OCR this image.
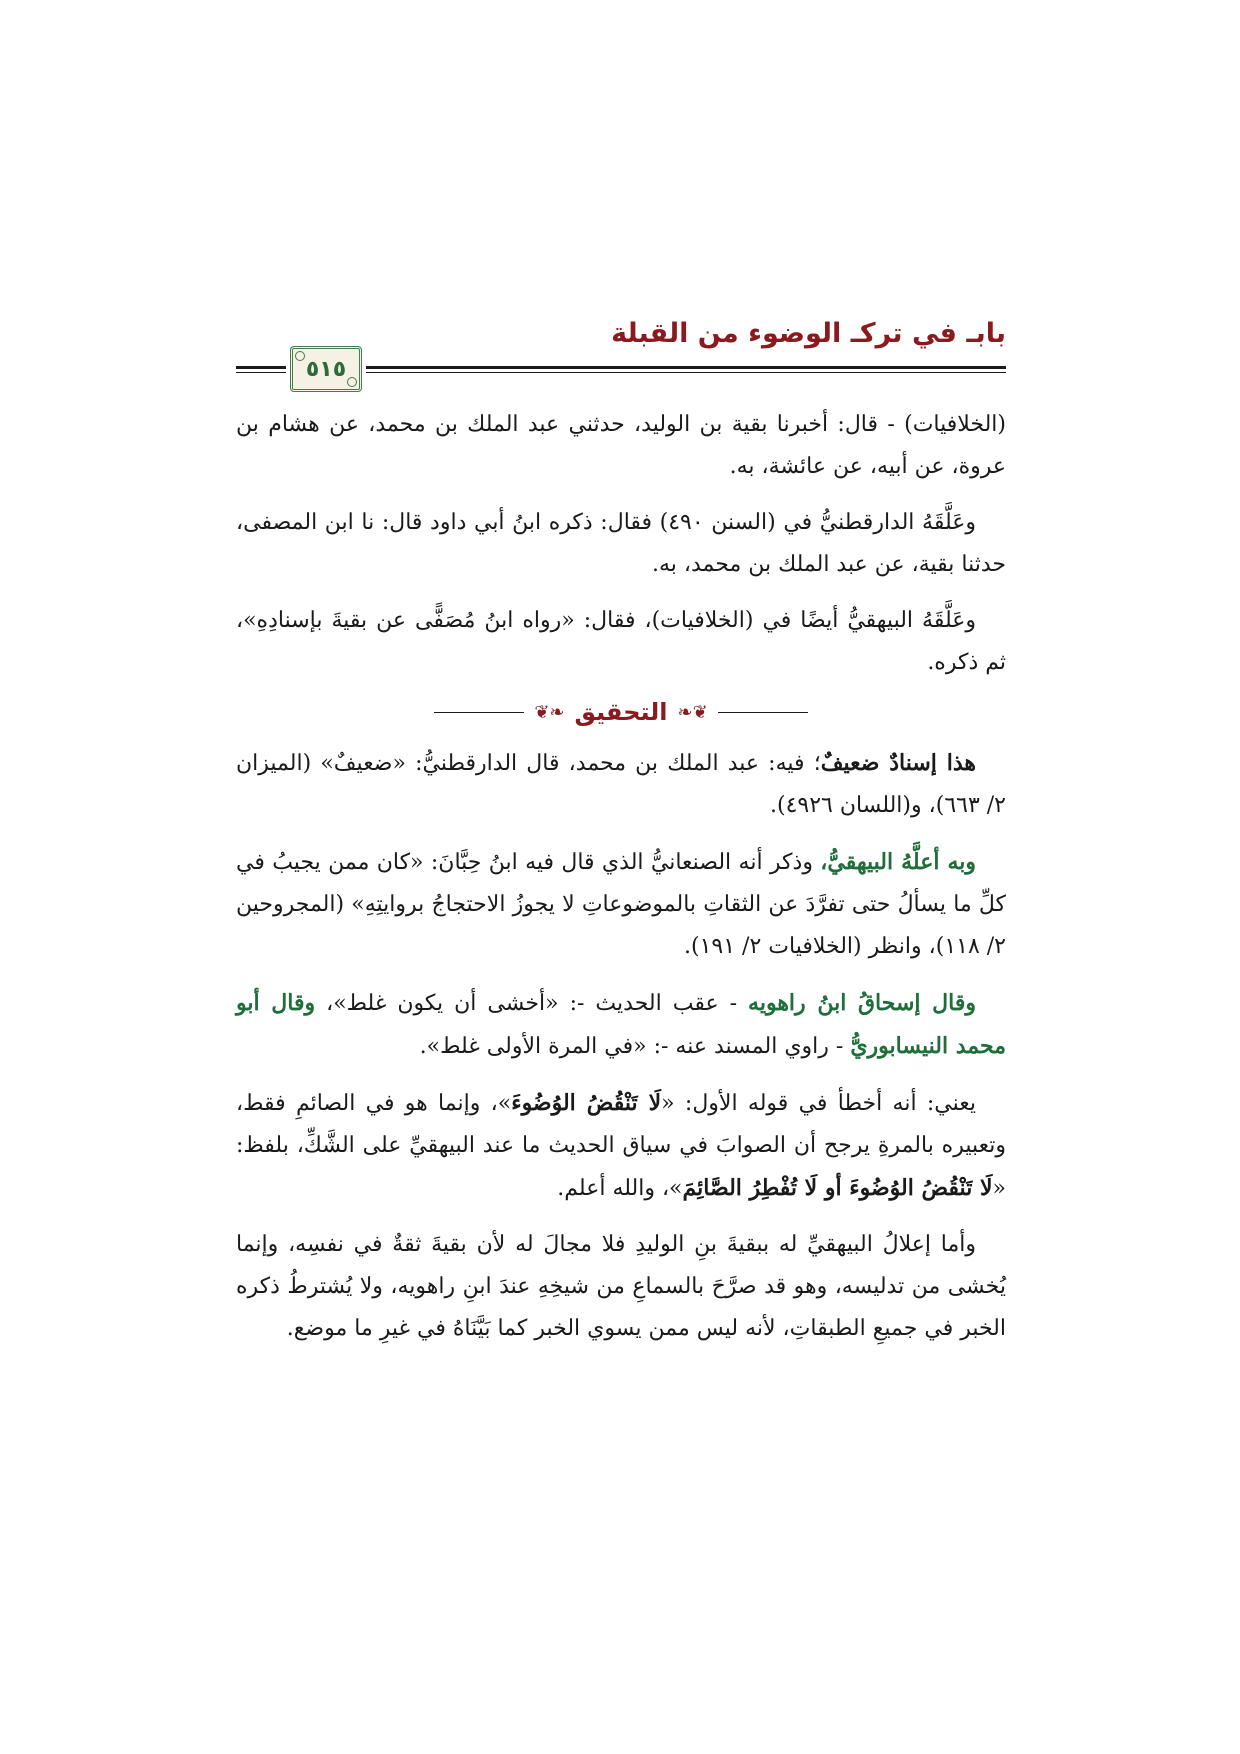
بابـ في تركـ الوضوء من القبلة
٥١٥

(الخلافيات) - قال: أخبرنا بقية بن الوليد، حدثني عبد الملك بن محمد، عن هشام بن عروة، عن أبيه، عن عائشة، به.

وعَلَّقَهُ الدارقطنيُّ في (السنن ٤٩٠) فقال: ذكره ابنُ أبي داود قال: نا ابن المصفى، حدثنا بقية، عن عبد الملك بن محمد، به.

وعَلَّقَهُ البيهقيُّ أيضًا في (الخلافيات)، فقال: «رواه ابنُ مُصَفًّى عن بقيةَ بإسنادِهِ»، ثم ذكره.

❦❧
التحقيق
❧❦

هذا إسنادٌ ضعيفٌ؛ فيه: عبد الملك بن محمد، قال الدارقطنيُّ: «ضعيفٌ» (الميزان ٢/ ٦٦٣)، و(اللسان ٤٩٢٦).

وبه أعلَّهُ البيهقيُّ، وذكر أنه الصنعانيُّ الذي قال فيه ابنُ حِبَّانَ: «كان ممن يجيبُ في كلِّ ما يسألُ حتى تفرَّدَ عن الثقاتِ بالموضوعاتِ لا يجوزُ الاحتجاجُ بروايتِهِ» (المجروحين ٢/ ١١٨)، وانظر (الخلافيات ٢/ ١٩١).

وقال إسحاقُ ابنُ راهويه - عقب الحديث -: «أخشى أن يكون غلط»، وقال أبو محمد النيسابوريُّ - راوي المسند عنه -: «في المرة الأولى غلط».

يعني: أنه أخطأ في قوله الأول: «لَا تَنْقُضُ الوُضُوءَ»، وإنما هو في الصائمِ فقط، وتعبيره بالمرةِ يرجح أن الصوابَ في سياق الحديث ما عند البيهقيِّ على الشَّكِّ، بلفظ: «لَا تَنْقُضُ الوُضُوءَ أو لَا تُفْطِرُ الصَّائِمَ»، والله أعلم.

وأما إعلالُ البيهقيِّ له ببقيةَ بنِ الوليدِ فلا مجالَ له لأن بقيةَ ثقةٌ في نفسِه، وإنما يُخشى من تدليسه، وهو قد صرَّحَ بالسماعِ من شيخِهِ عندَ ابنِ راهويه، ولا يُشترطُ ذكره الخبر في جميعِ الطبقاتِ، لأنه ليس ممن يسوي الخبر كما بَيَّنَاهُ في غيرِ ما موضع.
